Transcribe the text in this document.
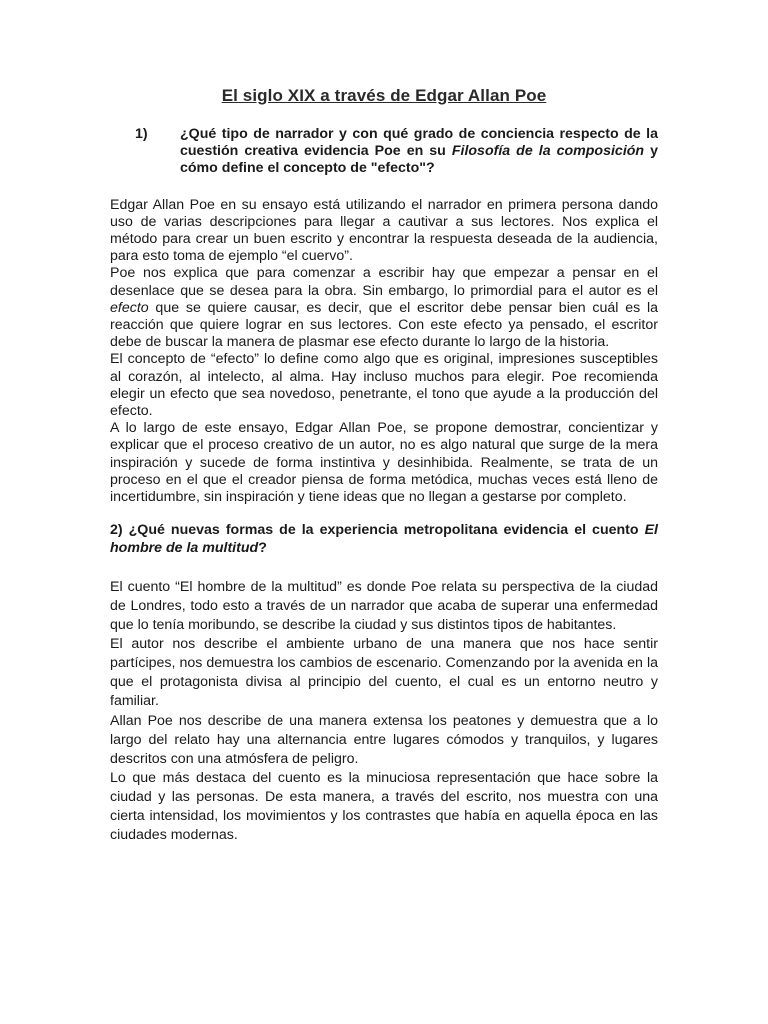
El siglo XIX a través de Edgar Allan Poe
1)	¿Qué tipo de narrador y con qué grado de conciencia respecto de la cuestión creativa evidencia Poe en su Filosofía de la composición y cómo define el concepto de "efecto"?

Edgar Allan Poe en su ensayo está utilizando el narrador en primera persona dando uso de varias descripciones para llegar a cautivar a sus lectores. Nos explica el método para crear un buen escrito y encontrar la respuesta deseada de la audiencia, para esto toma de ejemplo “el cuervo”.

Poe nos explica que para comenzar a escribir hay que empezar a pensar en el desenlace que se desea para la obra. Sin embargo, lo primordial para el autor es el efecto que se quiere causar, es decir, que el escritor debe pensar bien cuál es la reacción que quiere lograr en sus lectores. Con este efecto ya pensado, el escritor debe de buscar la manera de plasmar ese efecto durante lo largo de la historia.

El concepto de “efecto” lo define como algo que es original, impresiones susceptibles al corazón, al intelecto, al alma. Hay incluso muchos para elegir. Poe recomienda elegir un efecto que sea novedoso, penetrante, el tono que ayude a la producción del efecto.

A lo largo de este ensayo, Edgar Allan Poe, se propone demostrar, concientizar y explicar que el proceso creativo de un autor, no es algo natural que surge de la mera inspiración y sucede de forma instintiva y desinhibida. Realmente, se trata de un proceso en el que el creador piensa de forma metódica, muchas veces está lleno de incertidumbre, sin inspiración y tiene ideas que no llegan a gestarse por completo.

2) ¿Qué nuevas formas de la experiencia metropolitana evidencia el cuento El hombre de la multitud?

El cuento “El hombre de la multitud” es donde Poe relata su perspectiva de la ciudad de Londres, todo esto a través de un narrador que acaba de superar una enfermedad que lo tenía moribundo, se describe la ciudad y sus distintos tipos de habitantes.

El autor nos describe el ambiente urbano de una manera que nos hace sentir partícipes, nos demuestra los cambios de escenario. Comenzando por la avenida en la que el protagonista divisa al principio del cuento, el cual es un entorno neutro y familiar.

Allan Poe nos describe de una manera extensa los peatones y demuestra que a lo largo del relato hay una alternancia entre lugares cómodos y tranquilos, y lugares descritos con una atmósfera de peligro.

Lo que más destaca del cuento es la minuciosa representación que hace sobre la ciudad y las personas. De esta manera, a través del escrito, nos muestra con una cierta intensidad, los movimientos y los contrastes que había en aquella época en las ciudades modernas.
